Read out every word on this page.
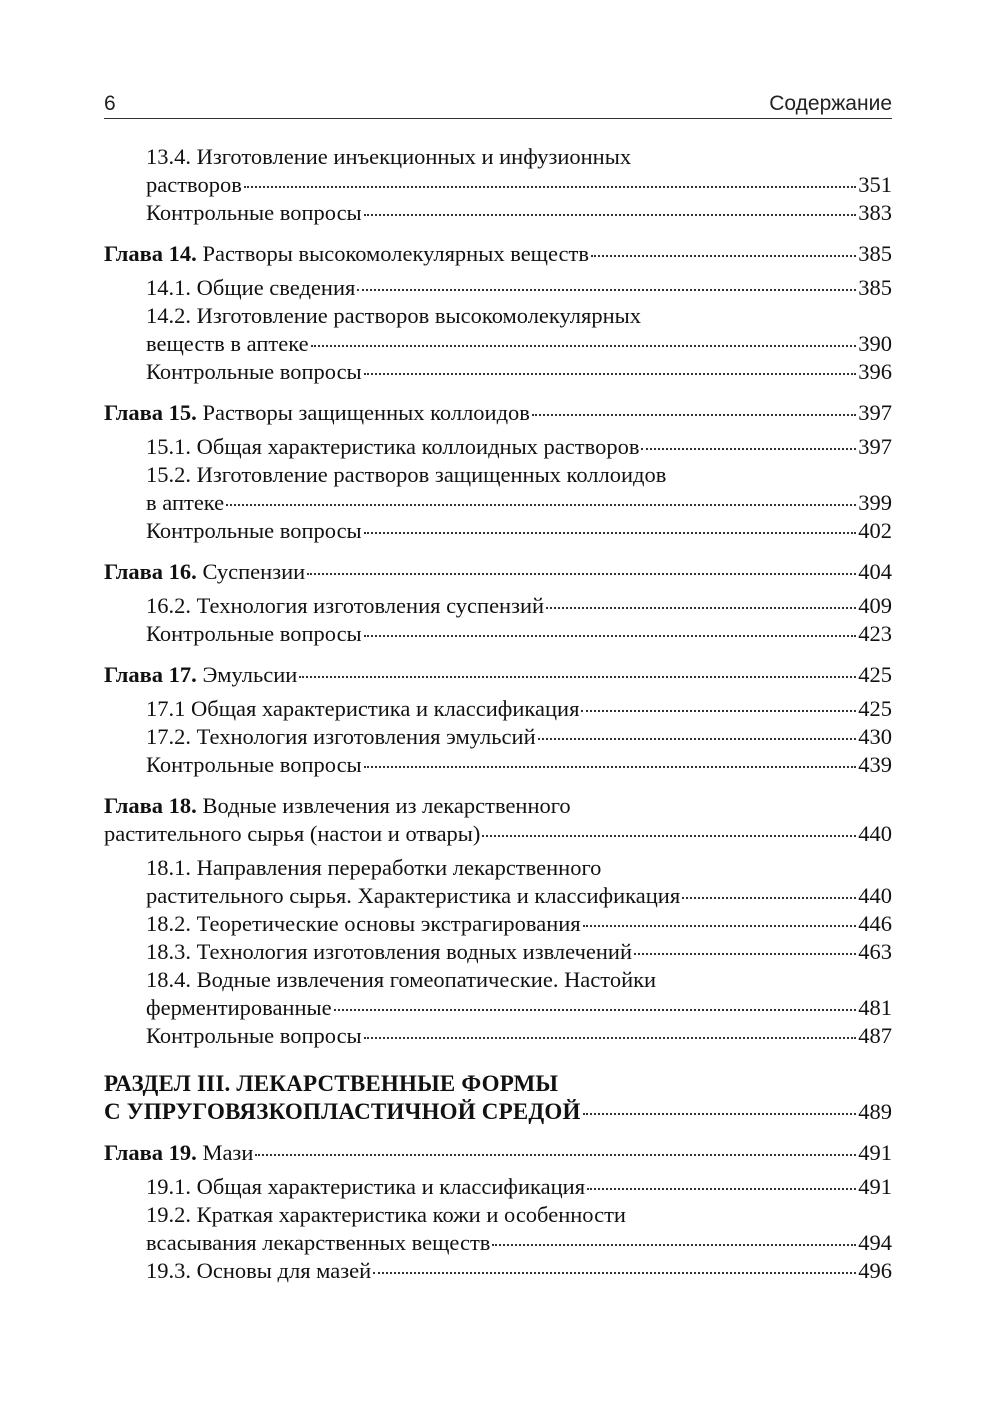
6	Содержание
13.4. Изготовление инъекционных и инфузионных
растворов	351
Контрольные вопросы	383
Глава 14. Растворы высокомолекулярных веществ	385
14.1. Общие сведения	385
14.2. Изготовление растворов высокомолекулярных
веществ в аптеке	390
Контрольные вопросы	396
Глава 15. Растворы защищенных коллоидов	397
15.1. Общая характеристика коллоидных растворов	397
15.2. Изготовление растворов защищенных коллоидов
в аптеке	399
Контрольные вопросы	402
Глава 16. Суспензии	404
16.2. Технология изготовления суспензий	409
Контрольные вопросы	423
Глава 17. Эмульсии	425
17.1 Общая характеристика и классификация	425
17.2. Технология изготовления эмульсий	430
Контрольные вопросы	439
Глава 18. Водные извлечения из лекарственного
растительного сырья (настои и отвары)	440
18.1. Направления переработки лекарственного
растительного сырья. Характеристика и классификация	440
18.2. Теоретические основы экстрагирования	446
18.3. Технология изготовления водных извлечений	463
18.4. Водные извлечения гомеопатические. Настойки
ферментированные	481
Контрольные вопросы	487
РАЗДЕЛ III. ЛЕКАРСТВЕННЫЕ ФОРМЫ
С УПРУГОВЯЗКОПЛАСТИЧНОЙ СРЕДОЙ	489
Глава 19. Мази	491
19.1. Общая характеристика и классификация	491
19.2. Краткая характеристика кожи и особенности
всасывания лекарственных веществ	494
19.3. Основы для мазей	496
